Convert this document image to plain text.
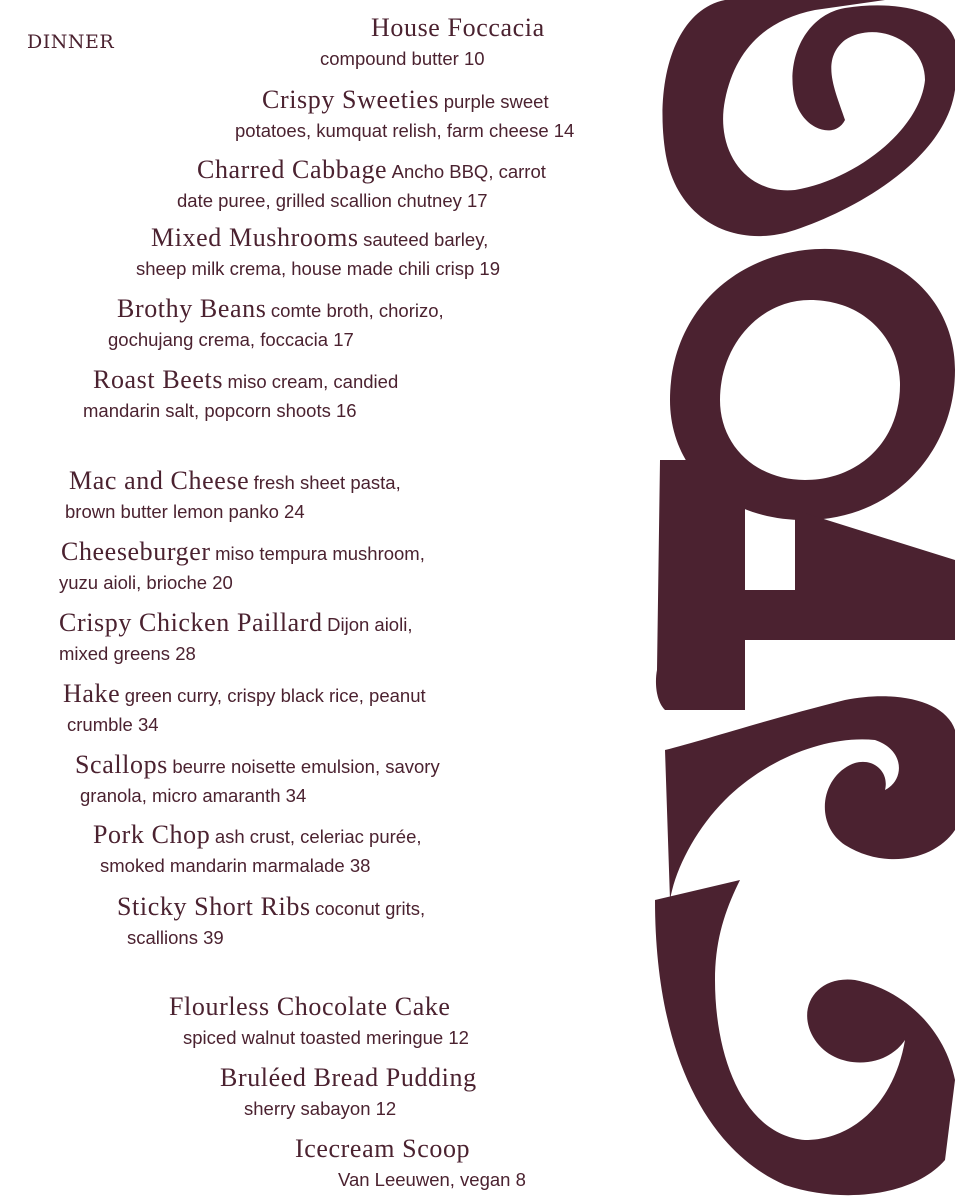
DINNER	House Foccacia
compound butter 10
Crispy Sweeties purple sweet
potatoes, kumquat relish, farm cheese 14
Charred Cabbage Ancho BBQ, carrot
date puree, grilled scallion chutney 17
Mixed Mushrooms sauteed barley,
sheep milk crema, house made chili crisp 19
Brothy Beans comte broth, chorizo,
gochujang crema, foccacia 17
Roast Beets miso cream, candied
mandarin salt, popcorn shoots 16
Mac and Cheese fresh sheet pasta,
brown butter lemon panko 24
Cheeseburger miso tempura mushroom,
yuzu aioli, brioche 20
Crispy Chicken Paillard Dijon aioli,
mixed greens 28
Hake green curry, crispy black rice, peanut
crumble 34
Scallops beurre noisette emulsion, savory
granola, micro amaranth 34
Pork Chop ash crust, celeriac purée,
smoked mandarin marmalade 38
Sticky Short Ribs coconut grits,
scallions 39
Flourless Chocolate Cake
spiced walnut toasted meringue 12
Bruléed Bread Pudding
sherry sabayon 12
Icecream Scoop
Van Leeuwen, vegan 8
